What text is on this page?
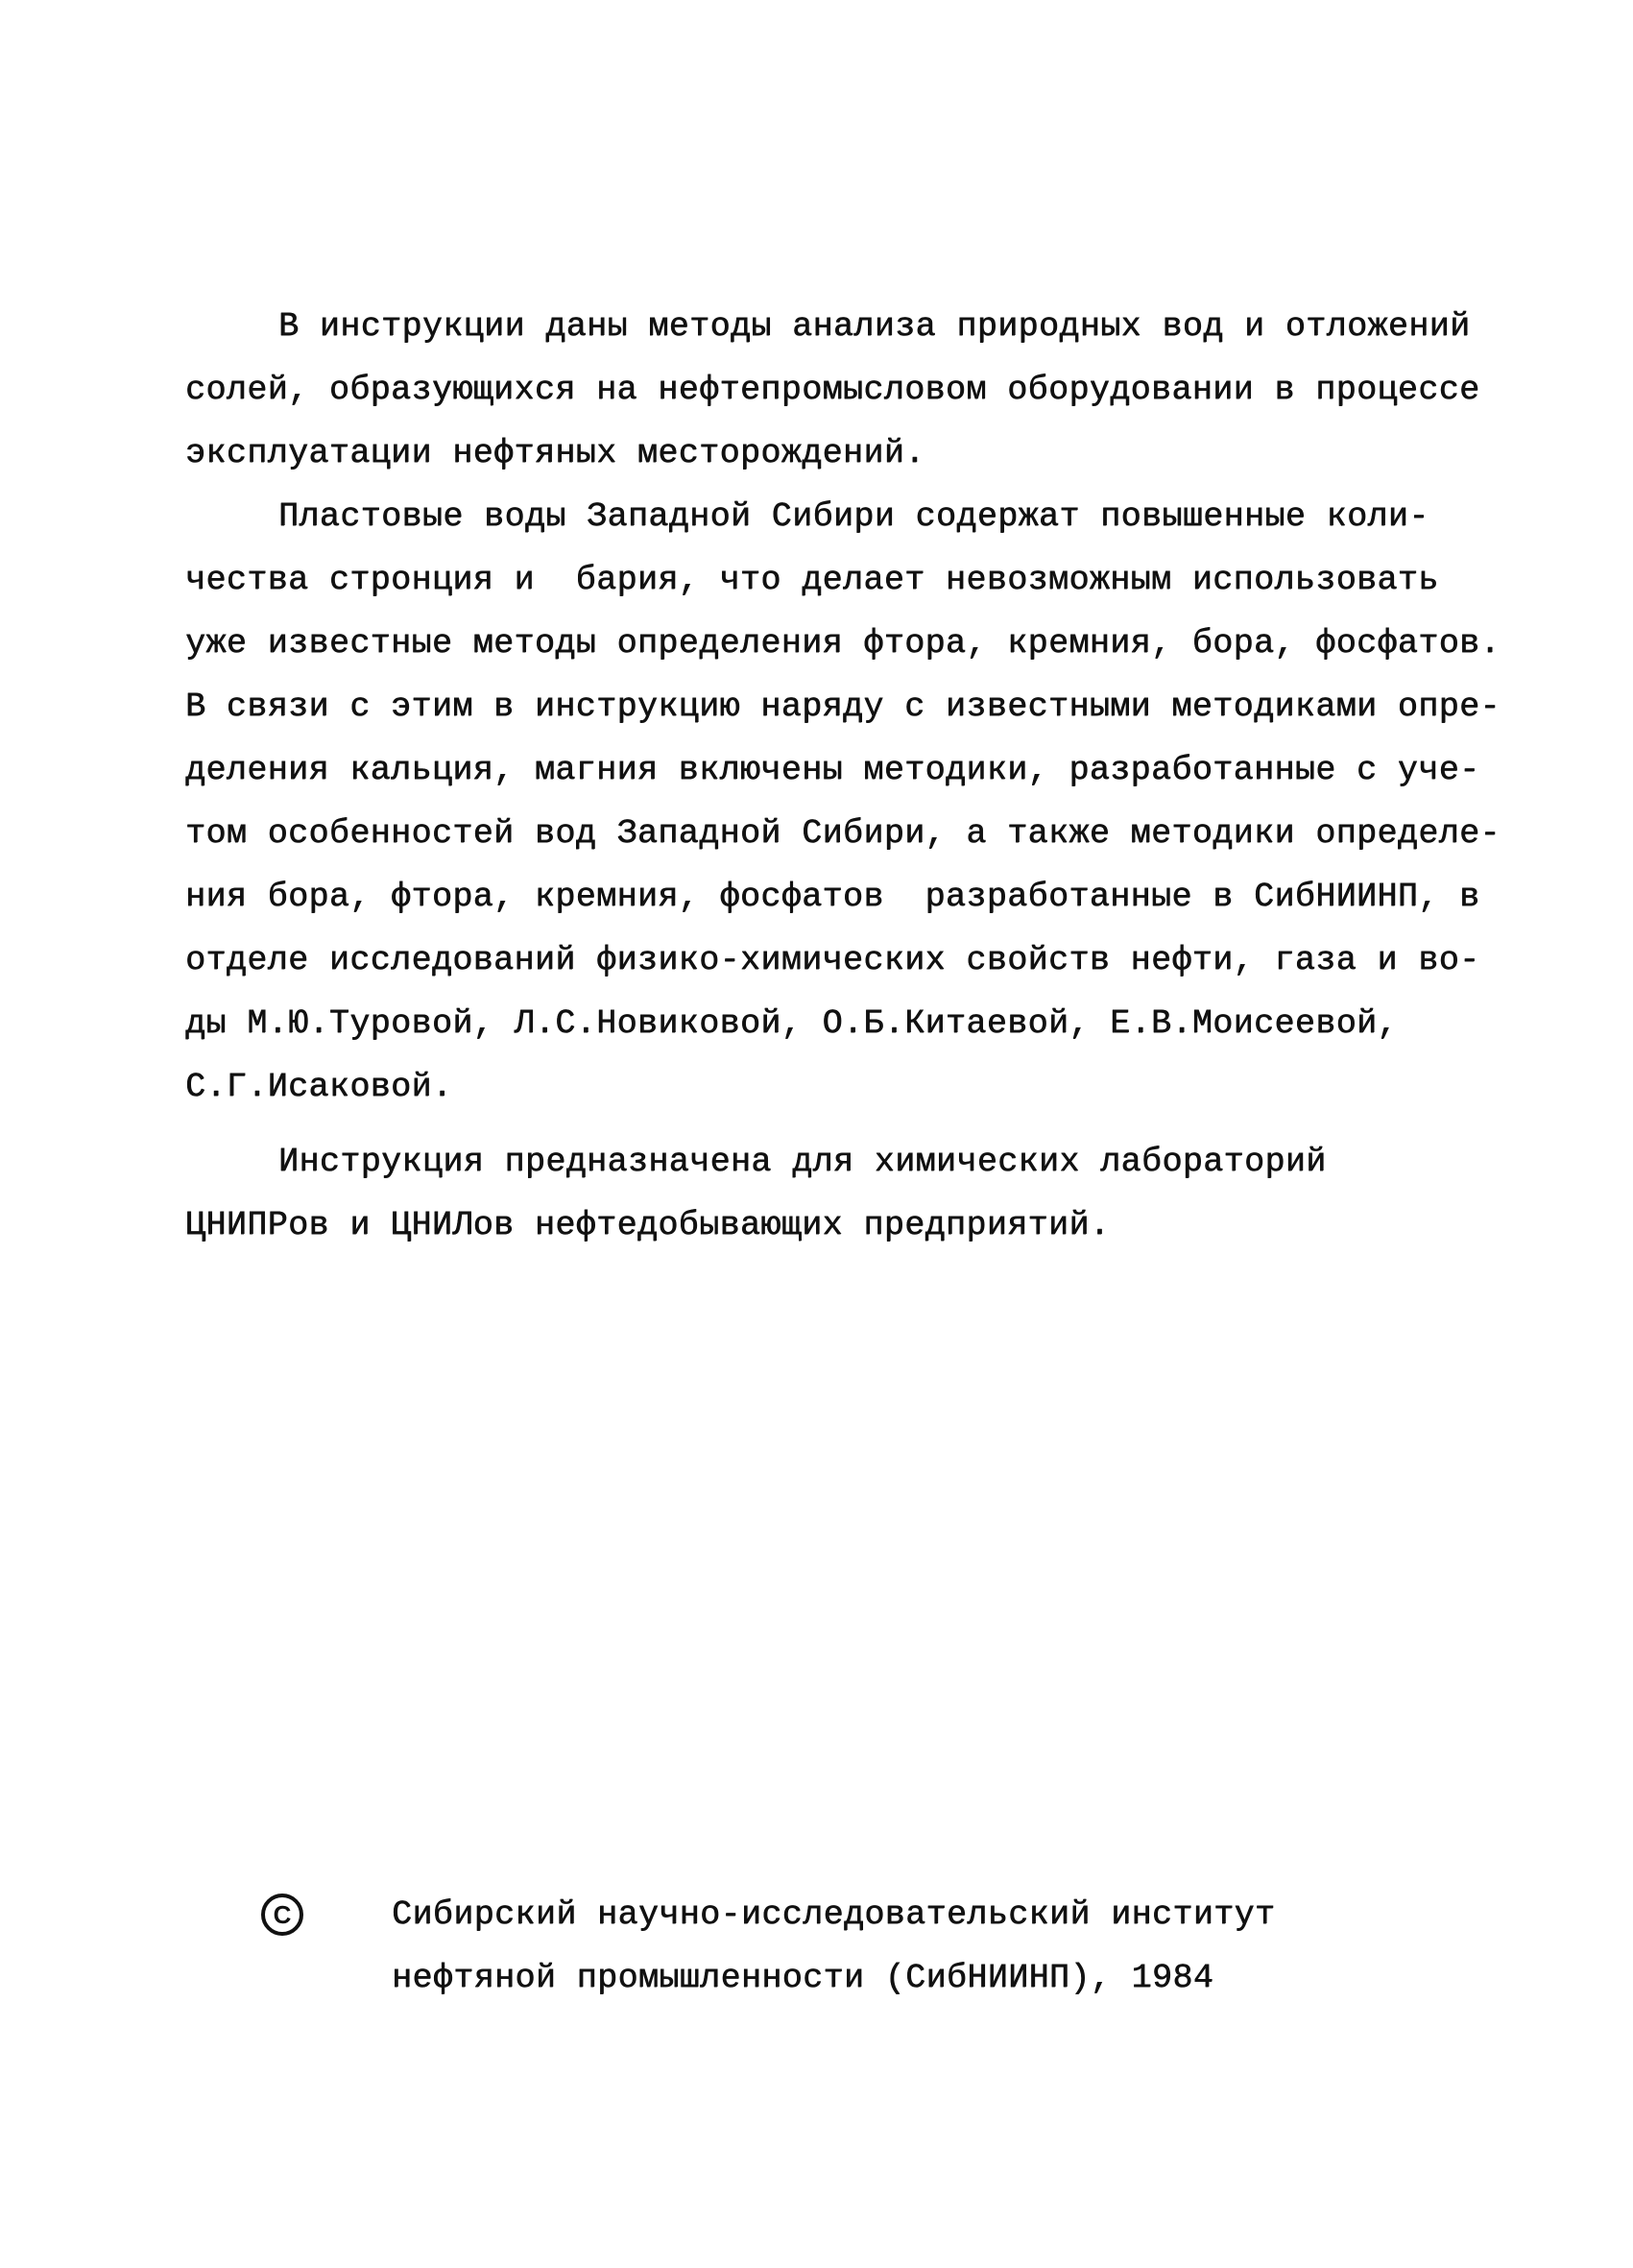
В инструкции даны методы анализа природных вод и отложений
солей, образующихся на нефтепромысловом оборудовании в процессе
эксплуатации нефтяных месторождений.
Пластовые воды Западной Сибири содержат повышенные коли-
чества стронция и  бария, что делает невозможным использовать
уже известные методы определения фтора, кремния, бора, фосфатов.
В связи с этим в инструкцию наряду с известными методиками опре-
деления кальция, магния включены методики, разработанные с уче-
том особенностей вод Западной Сибири, а также методики определе-
ния бора, фтора, кремния, фосфатов  разработанные в СибНИИНП, в
отделе исследований физико-химических свойств нефти, газа и во-
ды М.Ю.Туровой, Л.С.Новиковой, О.Б.Китаевой, Е.В.Моисеевой,
С.Г.Исаковой.
Инструкция предназначена для химических лабораторий
ЦНИПРов и ЦНИЛов нефтедобывающих предприятий.
С	Сибирский научно-исследовательский институт
нефтяной промышленности (СибНИИНП), 1984
